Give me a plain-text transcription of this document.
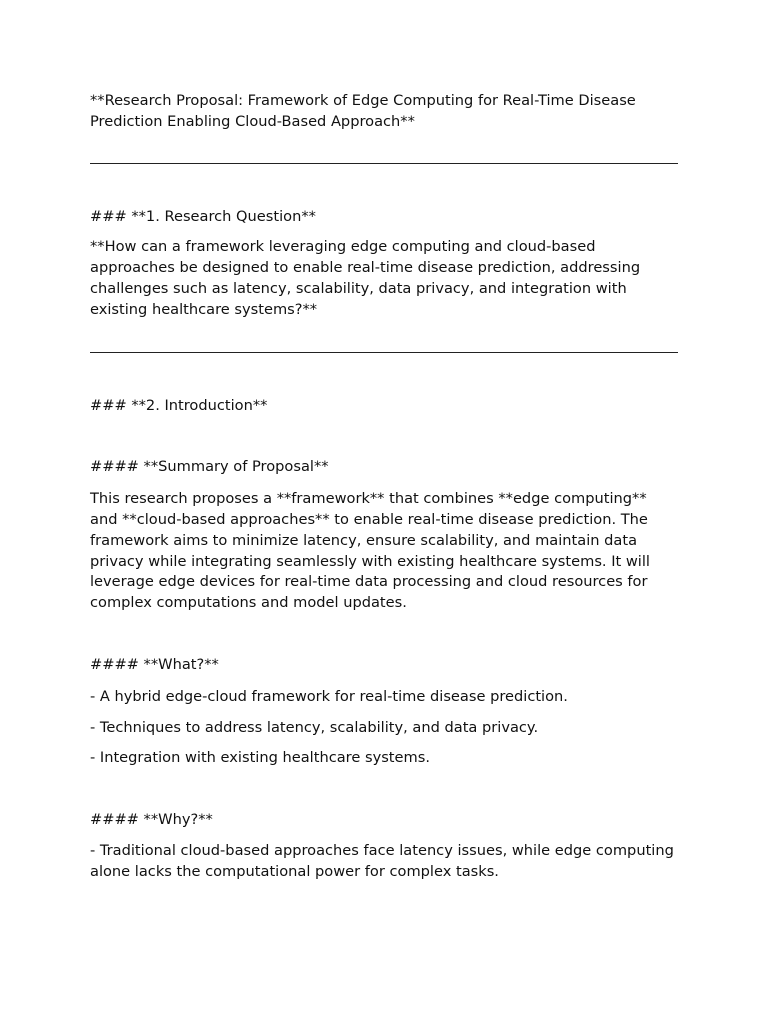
**Research Proposal: Framework of Edge Computing for Real-Time Disease Prediction Enabling Cloud-Based Approach**

### **1. Research Question**

**How can a framework leveraging edge computing and cloud-based approaches be designed to enable real-time disease prediction, addressing challenges such as latency, scalability, data privacy, and integration with existing healthcare systems?**

### **2. Introduction**

#### **Summary of Proposal**

This research proposes a **framework** that combines **edge computing** and **cloud-based approaches** to enable real-time disease prediction. The framework aims to minimize latency, ensure scalability, and maintain data privacy while integrating seamlessly with existing healthcare systems. It will leverage edge devices for real-time data processing and cloud resources for complex computations and model updates.

#### **What?**

- A hybrid edge-cloud framework for real-time disease prediction.

- Techniques to address latency, scalability, and data privacy.

- Integration with existing healthcare systems.

#### **Why?**

- Traditional cloud-based approaches face latency issues, while edge computing alone lacks the computational power for complex tasks.
